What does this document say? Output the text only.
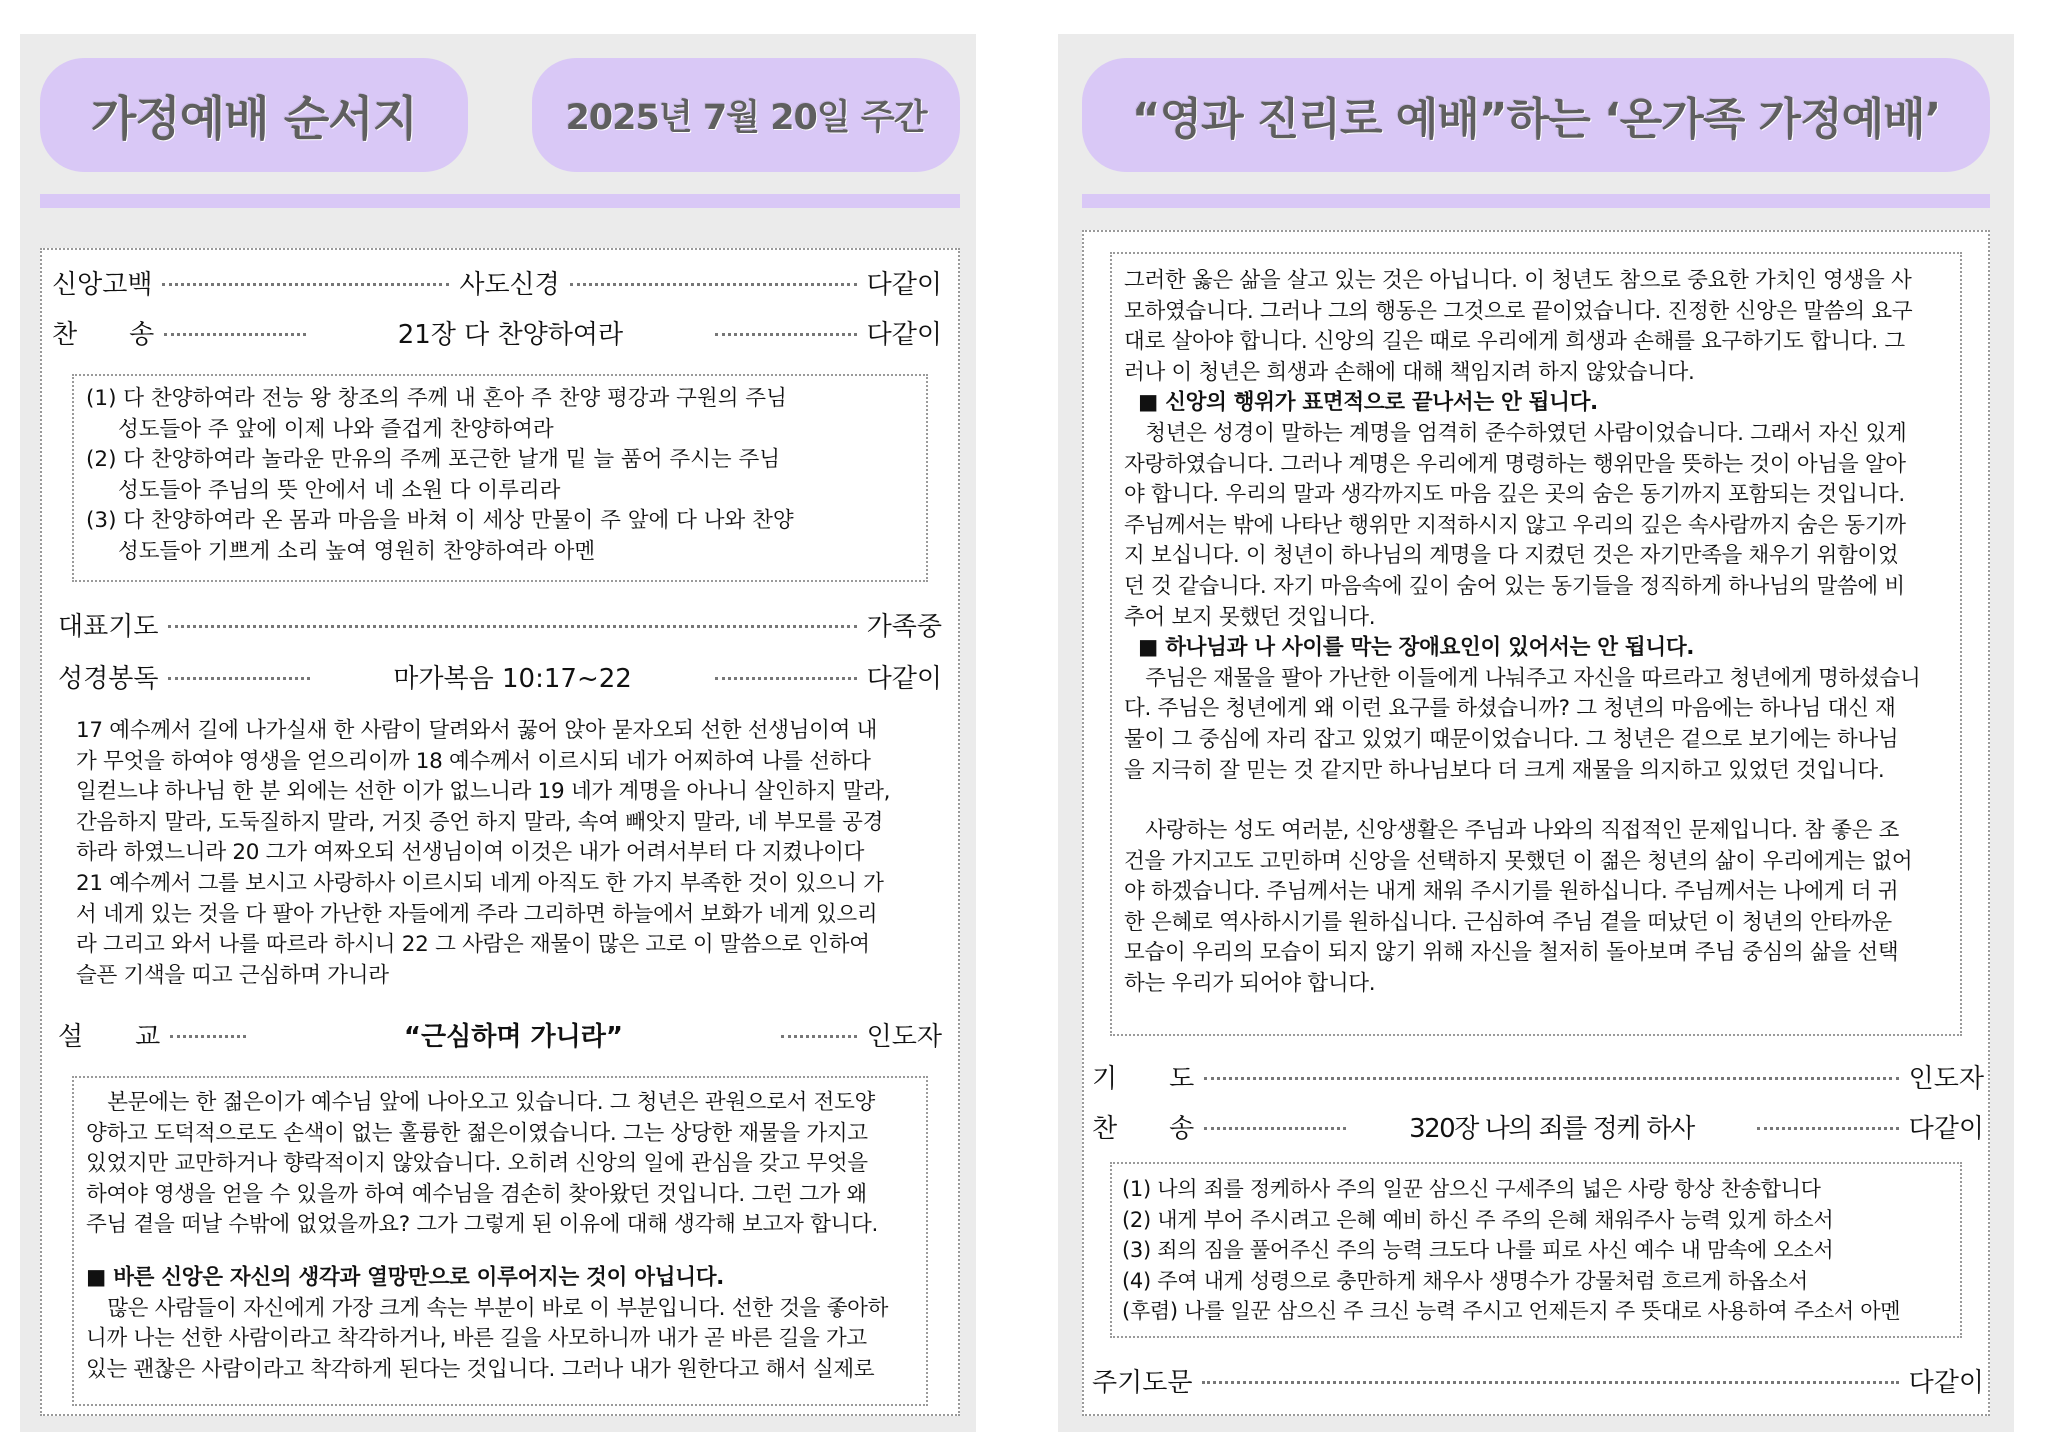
가정예배 순서지	2025년 7월 20일 주간
신앙고백	사도신경	다같이
찬　　송	21장 다 찬양하여라	다같이

(1) 다 찬양하여라 전능 왕 창조의 주께 내 혼아 주 찬양 평강과 구원의 주님

성도들아 주 앞에 이제 나와 즐겁게 찬양하여라

(2) 다 찬양하여라 놀라운 만유의 주께 포근한 날개 밑 늘 품어 주시는 주님

성도들아 주님의 뜻 안에서 네 소원 다 이루리라

(3) 다 찬양하여라 온 몸과 마음을 바쳐 이 세상 만물이 주 앞에 다 나와 찬양

성도들아 기쁘게 소리 높여 영원히 찬양하여라 아멘

대표기도	가족중
성경봉독	마가복음 10:17~22	다같이

17 예수께서 길에 나가실새 한 사람이 달려와서 꿇어 앉아 묻자오되 선한 선생님이여 내

가 무엇을 하여야 영생을 얻으리이까 18 예수께서 이르시되 네가 어찌하여 나를 선하다

일컫느냐 하나님 한 분 외에는 선한 이가 없느니라 19 네가 계명을 아나니 살인하지 말라,

간음하지 말라, 도둑질하지 말라, 거짓 증언 하지 말라, 속여 빼앗지 말라, 네 부모를 공경

하라 하였느니라 20 그가 여짜오되 선생님이여 이것은 내가 어려서부터 다 지켰나이다

21 예수께서 그를 보시고 사랑하사 이르시되 네게 아직도 한 가지 부족한 것이 있으니 가

서 네게 있는 것을 다 팔아 가난한 자들에게 주라 그리하면 하늘에서 보화가 네게 있으리

라 그리고 와서 나를 따르라 하시니 22 그 사람은 재물이 많은 고로 이 말씀으로 인하여

슬픈 기색을 띠고 근심하며 가니라

설　　교	“근심하며 가니라”	인도자

　본문에는 한 젊은이가 예수님 앞에 나아오고 있습니다. 그 청년은 관원으로서 전도양

양하고 도덕적으로도 손색이 없는 훌륭한 젊은이였습니다. 그는 상당한 재물을 가지고

있었지만 교만하거나 향락적이지 않았습니다. 오히려 신앙의 일에 관심을 갖고 무엇을

하여야 영생을 얻을 수 있을까 하여 예수님을 겸손히 찾아왔던 것입니다. 그런 그가 왜

주님 곁을 떠날 수밖에 없었을까요? 그가 그렇게 된 이유에 대해 생각해 보고자 합니다.

■ 바른 신앙은 자신의 생각과 열망만으로 이루어지는 것이 아닙니다.

　많은 사람들이 자신에게 가장 크게 속는 부분이 바로 이 부분입니다. 선한 것을 좋아하

니까 나는 선한 사람이라고 착각하거나, 바른 길을 사모하니까 내가 곧 바른 길을 가고

있는 괜찮은 사람이라고 착각하게 된다는 것입니다. 그러나 내가 원한다고 해서 실제로

“영과 진리로 예배”하는 ‘온가족 가정예배’

그러한 옳은 삶을 살고 있는 것은 아닙니다. 이 청년도 참으로 중요한 가치인 영생을 사

모하였습니다. 그러나 그의 행동은 그것으로 끝이었습니다. 진정한 신앙은 말씀의 요구

대로 살아야 합니다. 신앙의 길은 때로 우리에게 희생과 손해를 요구하기도 합니다. 그

러나 이 청년은 희생과 손해에 대해 책임지려 하지 않았습니다.

■ 신앙의 행위가 표면적으로 끝나서는 안 됩니다.

　청년은 성경이 말하는 계명을 엄격히 준수하였던 사람이었습니다. 그래서 자신 있게

자랑하였습니다. 그러나 계명은 우리에게 명령하는 행위만을 뜻하는 것이 아님을 알아

야 합니다. 우리의 말과 생각까지도 마음 깊은 곳의 숨은 동기까지 포함되는 것입니다.

주님께서는 밖에 나타난 행위만 지적하시지 않고 우리의 깊은 속사람까지 숨은 동기까

지 보십니다. 이 청년이 하나님의 계명을 다 지켰던 것은 자기만족을 채우기 위함이었

던 것 같습니다. 자기 마음속에 깊이 숨어 있는 동기들을 정직하게 하나님의 말씀에 비

추어 보지 못했던 것입니다.

■ 하나님과 나 사이를 막는 장애요인이 있어서는 안 됩니다.

　주님은 재물을 팔아 가난한 이들에게 나눠주고 자신을 따르라고 청년에게 명하셨습니

다. 주님은 청년에게 왜 이런 요구를 하셨습니까? 그 청년의 마음에는 하나님 대신 재

물이 그 중심에 자리 잡고 있었기 때문이었습니다. 그 청년은 겉으로 보기에는 하나님

을 지극히 잘 믿는 것 같지만 하나님보다 더 크게 재물을 의지하고 있었던 것입니다.

　사랑하는 성도 여러분, 신앙생활은 주님과 나와의 직접적인 문제입니다. 참 좋은 조

건을 가지고도 고민하며 신앙을 선택하지 못했던 이 젊은 청년의 삶이 우리에게는 없어

야 하겠습니다. 주님께서는 내게 채워 주시기를 원하십니다. 주님께서는 나에게 더 귀

한 은혜로 역사하시기를 원하십니다. 근심하여 주님 곁을 떠났던 이 청년의 안타까운

모습이 우리의 모습이 되지 않기 위해 자신을 철저히 돌아보며 주님 중심의 삶을 선택

하는 우리가 되어야 합니다.

기　　도	인도자
찬　　송	320장 나의 죄를 정케 하사	다같이

(1) 나의 죄를 정케하사 주의 일꾼 삼으신 구세주의 넓은 사랑 항상 찬송합니다

(2) 내게 부어 주시려고 은혜 예비 하신 주 주의 은혜 채워주사 능력 있게 하소서

(3) 죄의 짐을 풀어주신 주의 능력 크도다 나를 피로 사신 예수 내 맘속에 오소서

(4) 주여 내게 성령으로 충만하게 채우사 생명수가 강물처럼 흐르게 하옵소서

(후렴) 나를 일꾼 삼으신 주 크신 능력 주시고 언제든지 주 뜻대로 사용하여 주소서 아멘

주기도문	다같이
